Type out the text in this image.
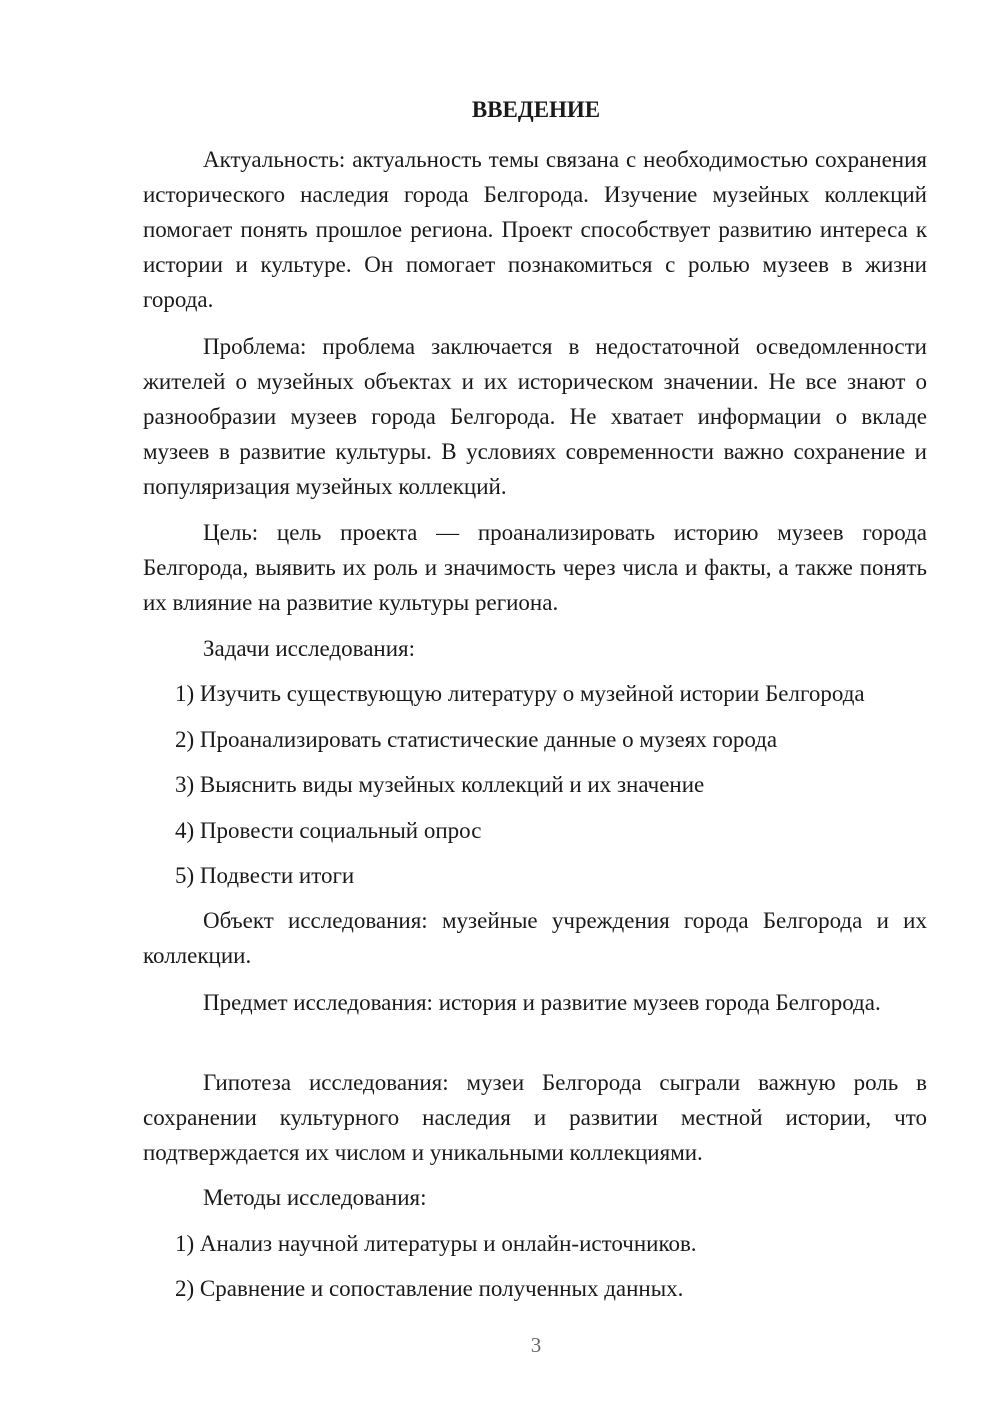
ВВЕДЕНИЕ

Актуальность: актуальность темы связана с необходимостью сохранения исторического наследия города Белгорода. Изучение музейных коллекций помогает понять прошлое региона. Проект способствует развитию интереса к истории и культуре. Он помогает познакомиться с ролью музеев в жизни города.

Проблема: проблема заключается в недостаточной осведомленности жителей о музейных объектах и их историческом значении. Не все знают о разнообразии музеев города Белгорода. Не хватает информации о вкладе музеев в развитие культуры. В условиях современности важно сохранение и популяризация музейных коллекций.

Цель: цель проекта — проанализировать историю музеев города Белгорода, выявить их роль и значимость через числа и факты, а также понять их влияние на развитие культуры региона.

Задачи исследования:

1) Изучить существующую литературу о музейной истории Белгорода

2) Проанализировать статистические данные о музеях города

3) Выяснить виды музейных коллекций и их значение

4) Провести социальный опрос

5) Подвести итоги

Объект исследования: музейные учреждения города Белгорода и их коллекции.

Предмет исследования: история и развитие музеев города Белгорода.

Гипотеза исследования: музеи Белгорода сыграли важную роль в сохранении культурного наследия и развитии местной истории, что подтверждается их числом и уникальными коллекциями.

Методы исследования:

1) Анализ научной литературы и онлайн-источников.

2) Сравнение и сопоставление полученных данных.

3
